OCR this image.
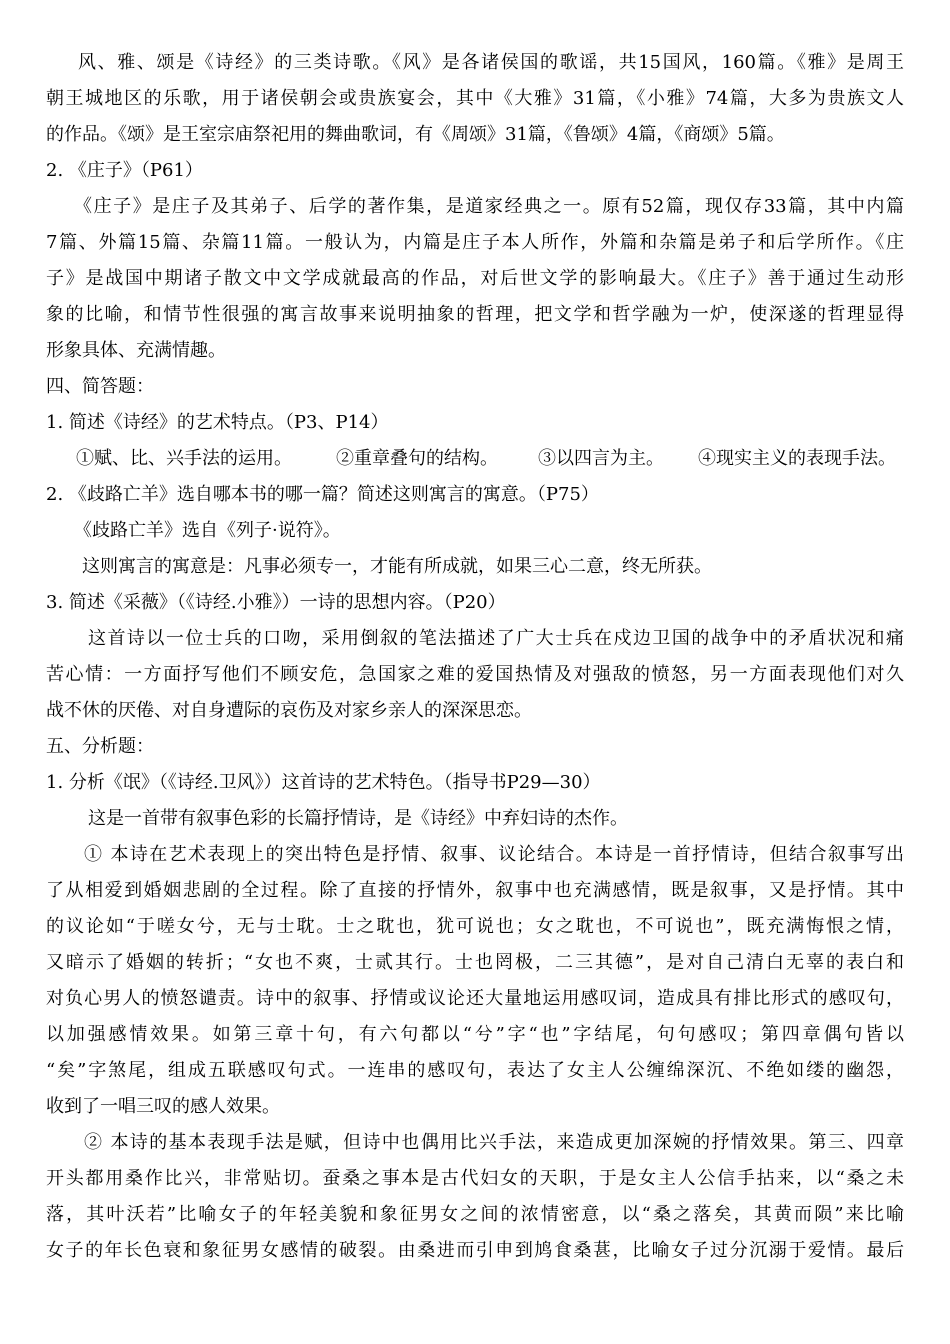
风、雅、颂是《诗经》的三类诗歌。《风》是各诸侯国的歌谣，共15国风，160篇。《雅》是周王
朝王城地区的乐歌，用于诸侯朝会或贵族宴会，其中《大雅》31篇，《小雅》74篇，大多为贵族文人
的作品。《颂》是王室宗庙祭祀用的舞曲歌词，有《周颂》31篇，《鲁颂》4篇，《商颂》5篇。
2. 《庄子》（P61）
《庄子》是庄子及其弟子、后学的著作集，是道家经典之一。原有52篇，现仅存33篇，其中内篇
7篇、外篇15篇、杂篇11篇。一般认为，内篇是庄子本人所作，外篇和杂篇是弟子和后学所作。《庄
子》是战国中期诸子散文中文学成就最高的作品，对后世文学的影响最大。《庄子》善于通过生动形
象的比喻，和情节性很强的寓言故事来说明抽象的哲理，把文学和哲学融为一炉，使深遂的哲理显得
形象具体、充满情趣。
四、简答题：
1. 简述《诗经》的艺术特点。（P3、P14）
①赋、比、兴手法的运用。 ②重章叠句的结构。 ③以四言为主。 ④现实主义的表现手法。
2. 《歧路亡羊》选自哪本书的哪一篇？简述这则寓言的寓意。（P75）
《歧路亡羊》选自《列子·说符》。
这则寓言的寓意是：凡事必须专一，才能有所成就，如果三心二意，终无所获。
3. 简述《采薇》（《诗经.小雅》）一诗的思想内容。（P20）
这首诗以一位士兵的口吻，采用倒叙的笔法描述了广大士兵在戍边卫国的战争中的矛盾状况和痛
苦心情：一方面抒写他们不顾安危，急国家之难的爱国热情及对强敌的愤怒，另一方面表现他们对久
战不休的厌倦、对自身遭际的哀伤及对家乡亲人的深深思恋。
五、分析题：
1. 分析《氓》（《诗经.卫风》）这首诗的艺术特色。（指导书P29—30）
这是一首带有叙事色彩的长篇抒情诗，是《诗经》中弃妇诗的杰作。
① 本诗在艺术表现上的突出特色是抒情、叙事、议论结合。本诗是一首抒情诗，但结合叙事写出
了从相爱到婚姻悲剧的全过程。除了直接的抒情外，叙事中也充满感情，既是叙事，又是抒情。其中
的议论如“于嗟女兮，无与士耽。士之耽也，犹可说也；女之耽也，不可说也”，既充满悔恨之情，
又暗示了婚姻的转折；“女也不爽，士贰其行。士也罔极，二三其德”，是对自己清白无辜的表白和
对负心男人的愤怒谴责。诗中的叙事、抒情或议论还大量地运用感叹词，造成具有排比形式的感叹句，
以加强感情效果。如第三章十句，有六句都以“兮”字“也”字结尾，句句感叹；第四章偶句皆以
“矣”字煞尾，组成五联感叹句式。一连串的感叹句，表达了女主人公缠绵深沉、不绝如缕的幽怨，
收到了一唱三叹的感人效果。
② 本诗的基本表现手法是赋，但诗中也偶用比兴手法，来造成更加深婉的抒情效果。第三、四章
开头都用桑作比兴，非常贴切。蚕桑之事本是古代妇女的天职，于是女主人公信手拈来，以“桑之未
落，其叶沃若”比喻女子的年轻美貌和象征男女之间的浓情密意，以“桑之落矣，其黄而陨”来比喻
女子的年长色衰和象征男女感情的破裂。由桑进而引申到鸠食桑葚，比喻女子过分沉溺于爱情。最后
